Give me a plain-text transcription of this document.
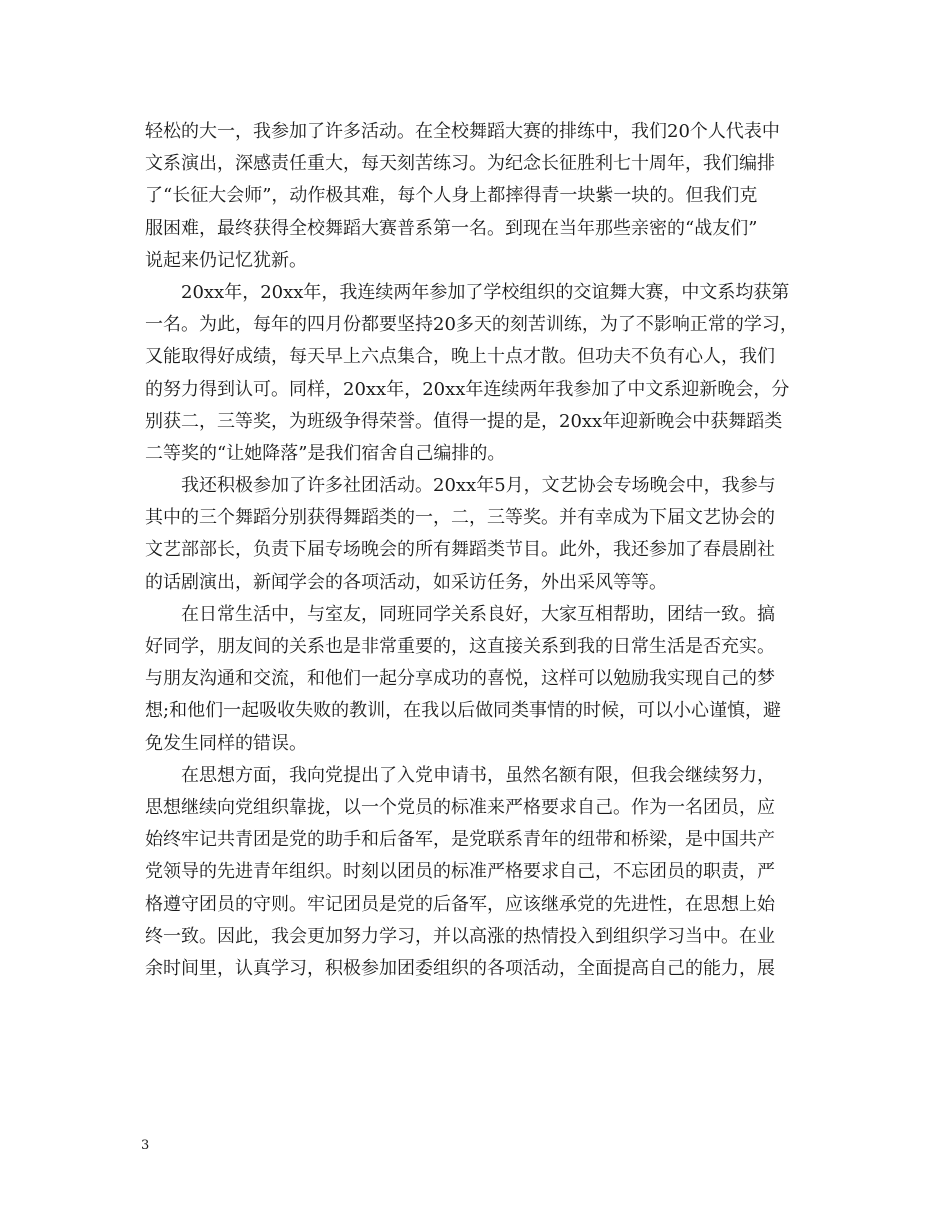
轻松的大一，我参加了许多活动。在全校舞蹈大赛的排练中，我们20个人代表中
文系演出，深感责任重大，每天刻苦练习。为纪念长征胜利七十周年，我们编排
了“长征大会师”，动作极其难，每个人身上都摔得青一块紫一块的。但我们克
服困难，最终获得全校舞蹈大赛普系第一名。到现在当年那些亲密的“战友们”
说起来仍记忆犹新。
20xx年，20xx年，我连续两年参加了学校组织的交谊舞大赛，中文系均获第
一名。为此，每年的四月份都要坚持20多天的刻苦训练，为了不影响正常的学习，
又能取得好成绩，每天早上六点集合，晚上十点才散。但功夫不负有心人，我们
的努力得到认可。同样，20xx年，20xx年连续两年我参加了中文系迎新晚会，分
别获二，三等奖，为班级争得荣誉。值得一提的是，20xx年迎新晚会中获舞蹈类
二等奖的“让她降落”是我们宿舍自己编排的。
我还积极参加了许多社团活动。20xx年5月，文艺协会专场晚会中，我参与
其中的三个舞蹈分别获得舞蹈类的一，二，三等奖。并有幸成为下届文艺协会的
文艺部部长，负责下届专场晚会的所有舞蹈类节目。此外，我还参加了春晨剧社
的话剧演出，新闻学会的各项活动，如采访任务，外出采风等等。
在日常生活中，与室友，同班同学关系良好，大家互相帮助，团结一致。搞
好同学，朋友间的关系也是非常重要的，这直接关系到我的日常生活是否充实。
与朋友沟通和交流，和他们一起分享成功的喜悦，这样可以勉励我实现自己的梦
想;和他们一起吸收失败的教训，在我以后做同类事情的时候，可以小心谨慎，避
免发生同样的错误。
在思想方面，我向党提出了入党申请书，虽然名额有限，但我会继续努力，
思想继续向党组织靠拢，以一个党员的标准来严格要求自己。作为一名团员，应
始终牢记共青团是党的助手和后备军，是党联系青年的纽带和桥梁，是中国共产
党领导的先进青年组织。时刻以团员的标准严格要求自己，不忘团员的职责，严
格遵守团员的守则。牢记团员是党的后备军，应该继承党的先进性，在思想上始
终一致。因此，我会更加努力学习，并以高涨的热情投入到组织学习当中。在业
余时间里，认真学习，积极参加团委组织的各项活动，全面提高自己的能力，展
3
